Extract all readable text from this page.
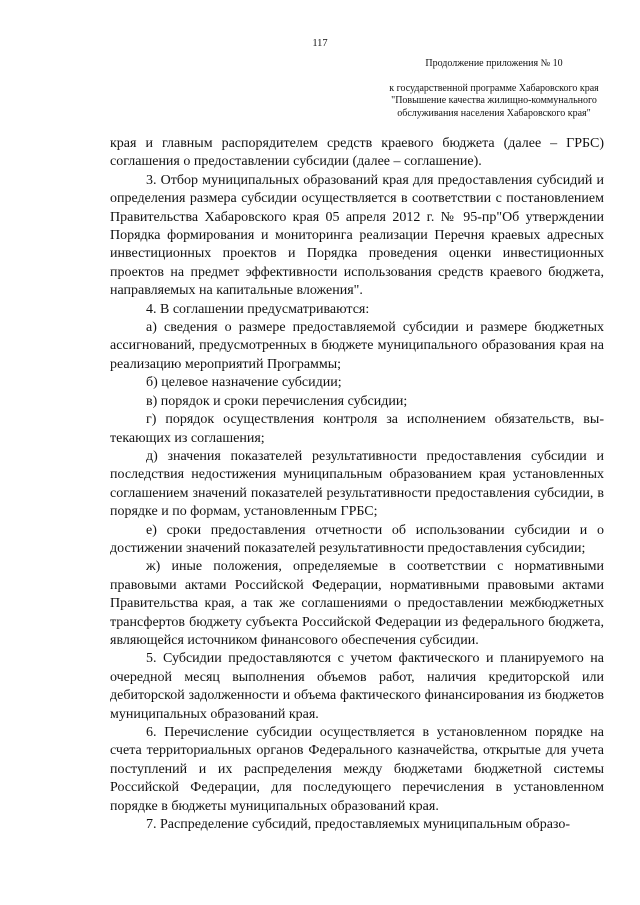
117
Продолжение приложения № 10
к государственной программе Хабаровского края "Повышение качества жилищно-коммунального обслуживания населения Хабаровского края"

края и главным распорядителем средств краевого бюджета (далее – ГРБС) соглашения о предоставлении субсидии (далее – соглашение).

3. Отбор муниципальных образований края для предоставления субсидий и определения размера субсидии осуществляется в соответствии с постановлением Правительства Хабаровского края 05 апреля 2012 г. № 95-пр"Об утверждении Порядка формирования и мониторинга реализации Перечня краевых адресных инвестиционных проектов и Порядка проведения оценки инвестиционных проектов на предмет эффективности использования средств краевого бюджета, направляемых на капитальные вложения".

4. В соглашении предусматриваются:

а) сведения о размере предоставляемой субсидии и размере бюджетных ассигнований, предусмотренных в бюджете муниципального образования края на реализацию мероприятий Программы;

б) целевое назначение субсидии;

в) порядок и сроки перечисления субсидии;

г) порядок осуществления контроля за исполнением обязательств, вытекающих из соглашения;

д) значения показателей результативности предоставления субсидии и последствия недостижения муниципальным образованием края установленных соглашением значений показателей результативности предоставления субсидии, в порядке и по формам, установленным ГРБС;

е) сроки предоставления отчетности об использовании субсидии и о достижении значений показателей результативности предоставления субсидии;

ж) иные положения, определяемые в соответствии с нормативными правовыми актами Российской Федерации, нормативными правовыми актами Правительства края, а так же соглашениями о предоставлении межбюджетных трансфертов бюджету субъекта Российской Федерации из федерального бюджета, являющейся источником финансового обеспечения субсидии.

5. Субсидии предоставляются с учетом фактического и планируемого на очередной месяц выполнения объемов работ, наличия кредиторской или дебиторской задолженности и объема фактического финансирования из бюджетов муниципальных образований края.

6. Перечисление субсидии осуществляется в установленном порядке на счета территориальных органов Федерального казначейства, открытые для учета поступлений и их распределения между бюджетами бюджетной системы Российской Федерации, для последующего перечисления в установленном порядке в бюджеты муниципальных образований края.

7. Распределение субсидий, предоставляемых муниципальным образо-
